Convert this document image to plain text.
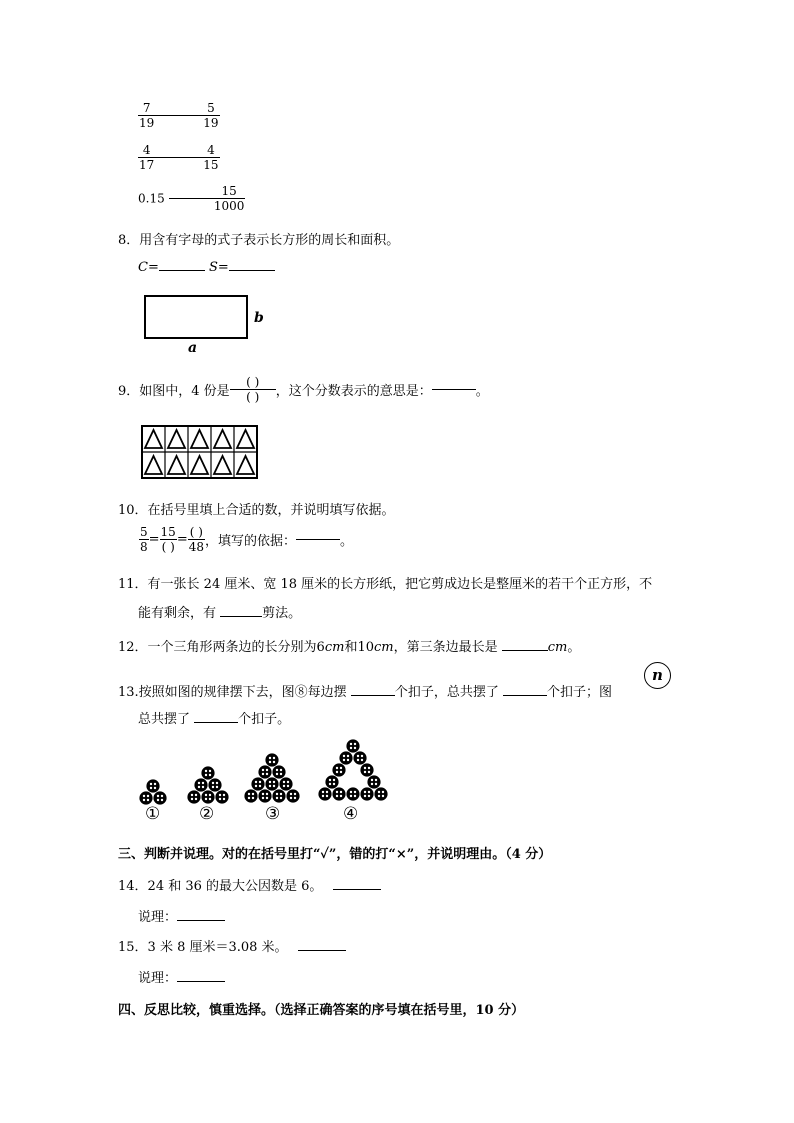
$\frac{7}{19}$	$\frac{5}{19}$
$\frac{4}{17}$	$\frac{4}{15}$
0.15	$\frac{15}{1000}$
8．用含有字母的式子表示长方形的周长和面积。
C=	S=
b
a
9．如图中，4 份是 $\frac{( )}{( )}$ ，这个分数表示的意思是：	。
10．在括号里填上合适的数，并说明填写依据。
$\frac{5}{8} = \frac{15}{( )} = \frac{( )}{48}$ ，填写的依据：	。
11．有一张长 24 厘米、宽 18 厘米的长方形纸，把它剪成边长是整厘米的若干个正方形，不
能有剩余，有	剪法。
12．一个三角形两条边的长分别为6cm和10cm，第三条边最长是	cm。
13.按照如图的规律摆下去，图⑧每边摆	个扣子，总共摆了	个扣子；图
n
总共摆了	个扣子。
① ②	③	④
三、判断并说理。对的在括号里打“✓”，错的打“×”，并说明理由。（4 分）
14．24 和 36 的最大公因数是 6。
说理：
15．3 米 8 厘米＝3.08 米。
说理：
四、反思比较，慎重选择。（选择正确答案的序号填在括号里，10 分）
